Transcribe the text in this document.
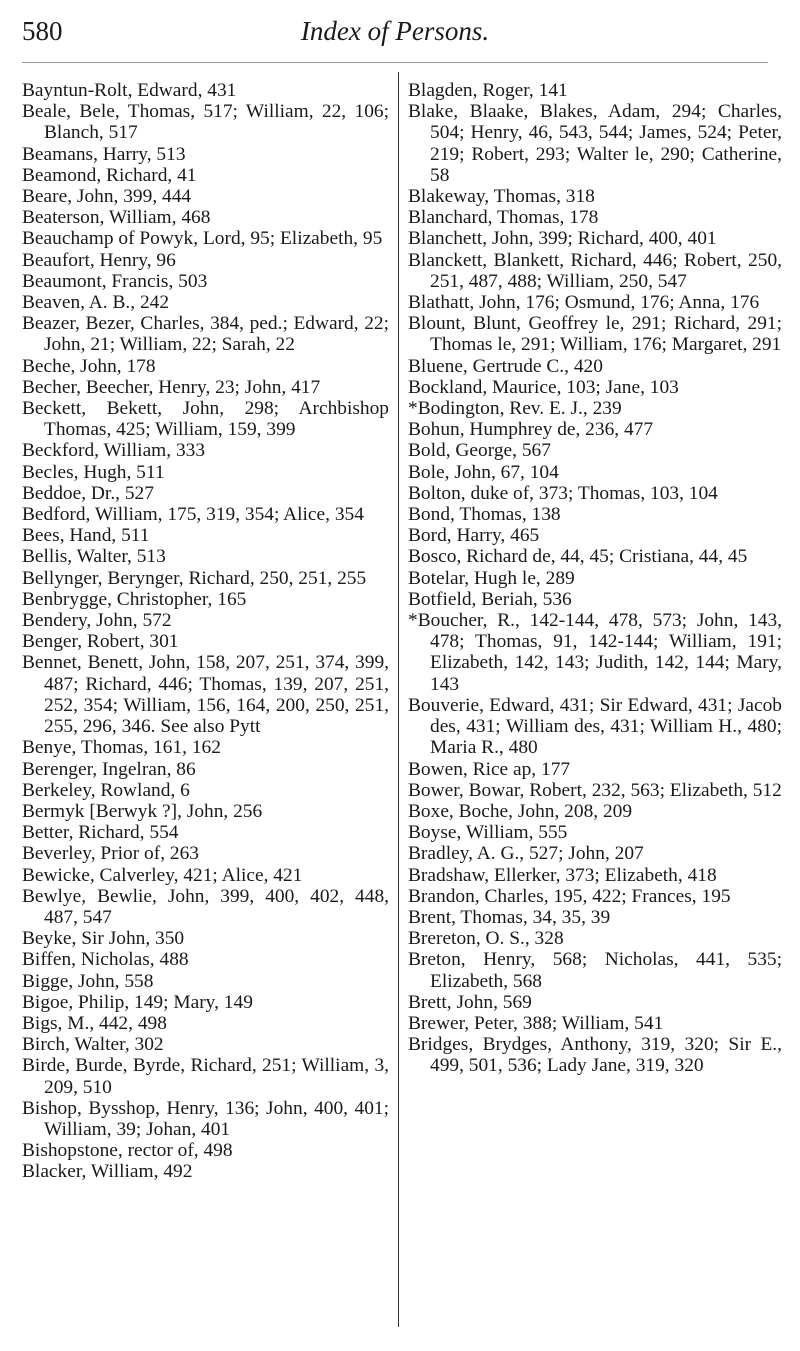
580	Index of Persons.

Bayntun-Rolt, Edward, 431

Beale, Bele, Thomas, 517; William, 22, 106; Blanch, 517

Beamans, Harry, 513

Beamond, Richard, 41

Beare, John, 399, 444

Beaterson, William, 468

Beauchamp of Powyk, Lord, 95; Elizabeth, 95

Beaufort, Henry, 96

Beaumont, Francis, 503

Beaven, A. B., 242

Beazer, Bezer, Charles, 384, ped.; Edward, 22; John, 21; William, 22; Sarah, 22

Beche, John, 178

Becher, Beecher, Henry, 23; John, 417

Beckett, Bekett, John, 298; Archbishop Thomas, 425; William, 159, 399

Beckford, William, 333

Becles, Hugh, 511

Beddoe, Dr., 527

Bedford, William, 175, 319, 354; Alice, 354

Bees, Hand, 511

Bellis, Walter, 513

Bellynger, Berynger, Richard, 250, 251, 255

Benbrygge, Christopher, 165

Bendery, John, 572

Benger, Robert, 301

Bennet, Benett, John, 158, 207, 251, 374, 399, 487; Richard, 446; Thomas, 139, 207, 251, 252, 354; William, 156, 164, 200, 250, 251, 255, 296, 346. See also Pytt

Benye, Thomas, 161, 162

Berenger, Ingelran, 86

Berkeley, Rowland, 6

Bermyk [Berwyk ?], John, 256

Better, Richard, 554

Beverley, Prior of, 263

Bewicke, Calverley, 421; Alice, 421

Bewlye, Bewlie, John, 399, 400, 402, 448, 487, 547

Beyke, Sir John, 350

Biffen, Nicholas, 488

Bigge, John, 558

Bigoe, Philip, 149; Mary, 149

Bigs, M., 442, 498

Birch, Walter, 302

Birde, Burde, Byrde, Richard, 251; William, 3, 209, 510

Bishop, Bysshop, Henry, 136; John, 400, 401; William, 39; Johan, 401

Bishopstone, rector of, 498

Blacker, William, 492

Blagden, Roger, 141

Blake, Blaake, Blakes, Adam, 294; Charles, 504; Henry, 46, 543, 544; James, 524; Peter, 219; Robert, 293; Walter le, 290; Catherine, 58

Blakeway, Thomas, 318

Blanchard, Thomas, 178

Blanchett, John, 399; Richard, 400, 401

Blanckett, Blankett, Richard, 446; Robert, 250, 251, 487, 488; William, 250, 547

Blathatt, John, 176; Osmund, 176; Anna, 176

Blount, Blunt, Geoffrey le, 291; Richard, 291; Thomas le, 291; William, 176; Margaret, 291

Bluene, Gertrude C., 420

Bockland, Maurice, 103; Jane, 103

*Bodington, Rev. E. J., 239

Bohun, Humphrey de, 236, 477

Bold, George, 567

Bole, John, 67, 104

Bolton, duke of, 373; Thomas, 103, 104

Bond, Thomas, 138

Bord, Harry, 465

Bosco, Richard de, 44, 45; Cristiana, 44, 45

Botelar, Hugh le, 289

Botfield, Beriah, 536

*Boucher, R., 142-144, 478, 573; John, 143, 478; Thomas, 91, 142-144; William, 191; Elizabeth, 142, 143; Judith, 142, 144; Mary, 143

Bouverie, Edward, 431; Sir Edward, 431; Jacob des, 431; William des, 431; William H., 480; Maria R., 480

Bowen, Rice ap, 177

Bower, Bowar, Robert, 232, 563; Elizabeth, 512

Boxe, Boche, John, 208, 209

Boyse, William, 555

Bradley, A. G., 527; John, 207

Bradshaw, Ellerker, 373; Elizabeth, 418

Brandon, Charles, 195, 422; Frances, 195

Brent, Thomas, 34, 35, 39

Brereton, O. S., 328

Breton, Henry, 568; Nicholas, 441, 535; Elizabeth, 568

Brett, John, 569

Brewer, Peter, 388; William, 541

Bridges, Brydges, Anthony, 319, 320; Sir E., 499, 501, 536; Lady Jane, 319, 320
